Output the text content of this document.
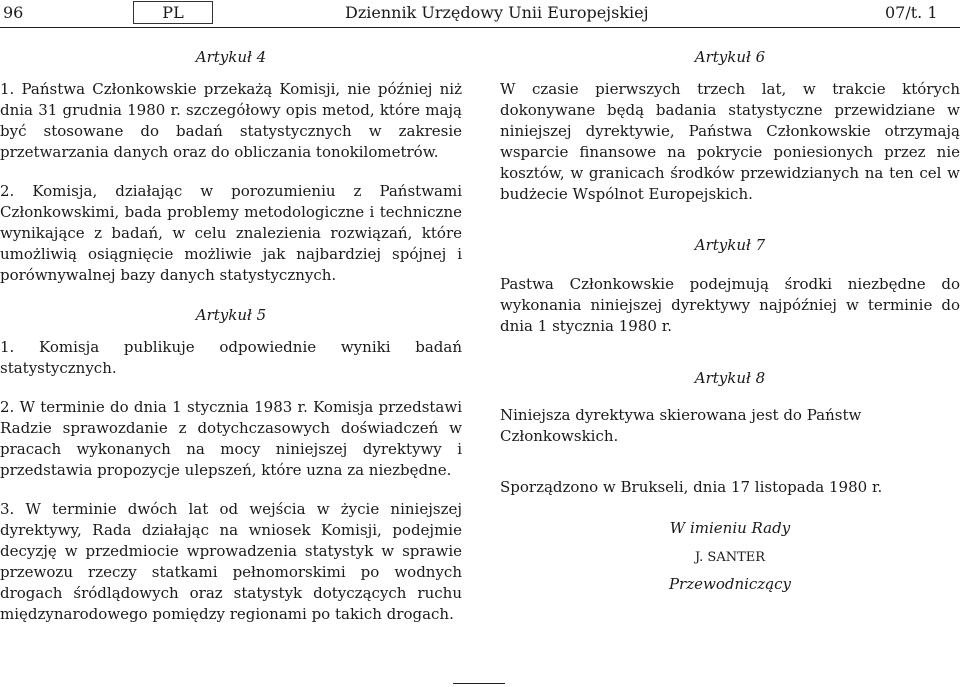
96	PL	Dziennik Urzędowy Unii Europejskiej	07/t. 1
Artykuł 4

1. Państwa Członkowskie przekażą Komisji, nie później niż dnia 31 grudnia 1980 r. szczegółowy opis metod, które mają być stosowane do badań statystycznych w zakresie przetwarzania danych oraz do obliczania tonokilometrów.

2. Komisja, działając w porozumieniu z Państwami Członkowskimi, bada problemy metodologiczne i techniczne wynikające z badań, w celu znalezienia rozwiązań, które umożliwią osiągnięcie możliwie jak najbardziej spójnej i porównywalnej bazy danych statystycznych.

Artykuł 5

1. Komisja publikuje odpowiednie wyniki badań statystycznych.

2. W terminie do dnia 1 stycznia 1983 r. Komisja przedstawi Radzie sprawozdanie z dotychczasowych doświadczeń w pracach wykonanych na mocy niniejszej dyrektywy i przedstawia propozycje ulepszeń, które uzna za niezbędne.

3. W terminie dwóch lat od wejścia w życie niniejszej dyrektywy, Rada działając na wniosek Komisji, podejmie decyzję w przedmiocie wprowadzenia statystyk w sprawie przewozu rzeczy statkami pełnomorskimi po wodnych drogach śródlądowych oraz statystyk dotyczących ruchu międzynarodowego pomiędzy regionami po takich drogach.

Artykuł 6

W czasie pierwszych trzech lat, w trakcie których dokonywane będą badania statystyczne przewidziane w niniejszej dyrektywie, Państwa Członkowskie otrzymają wsparcie finansowe na pokrycie poniesionych przez nie kosztów, w granicach środków przewidzianych na ten cel w budżecie Wspólnot Europejskich.

Artykuł 7

Pastwa Członkowskie podejmują środki niezbędne do wykonania niniejszej dyrektywy najpóźniej w terminie do dnia 1 stycznia 1980 r.

Artykuł 8

Niniejsza dyrektywa skierowana jest do Państw Członkowskich.

Sporządzono w Brukseli, dnia 17 listopada 1980 r.

W imieniu Rady
J. SANTER
Przewodniczący
